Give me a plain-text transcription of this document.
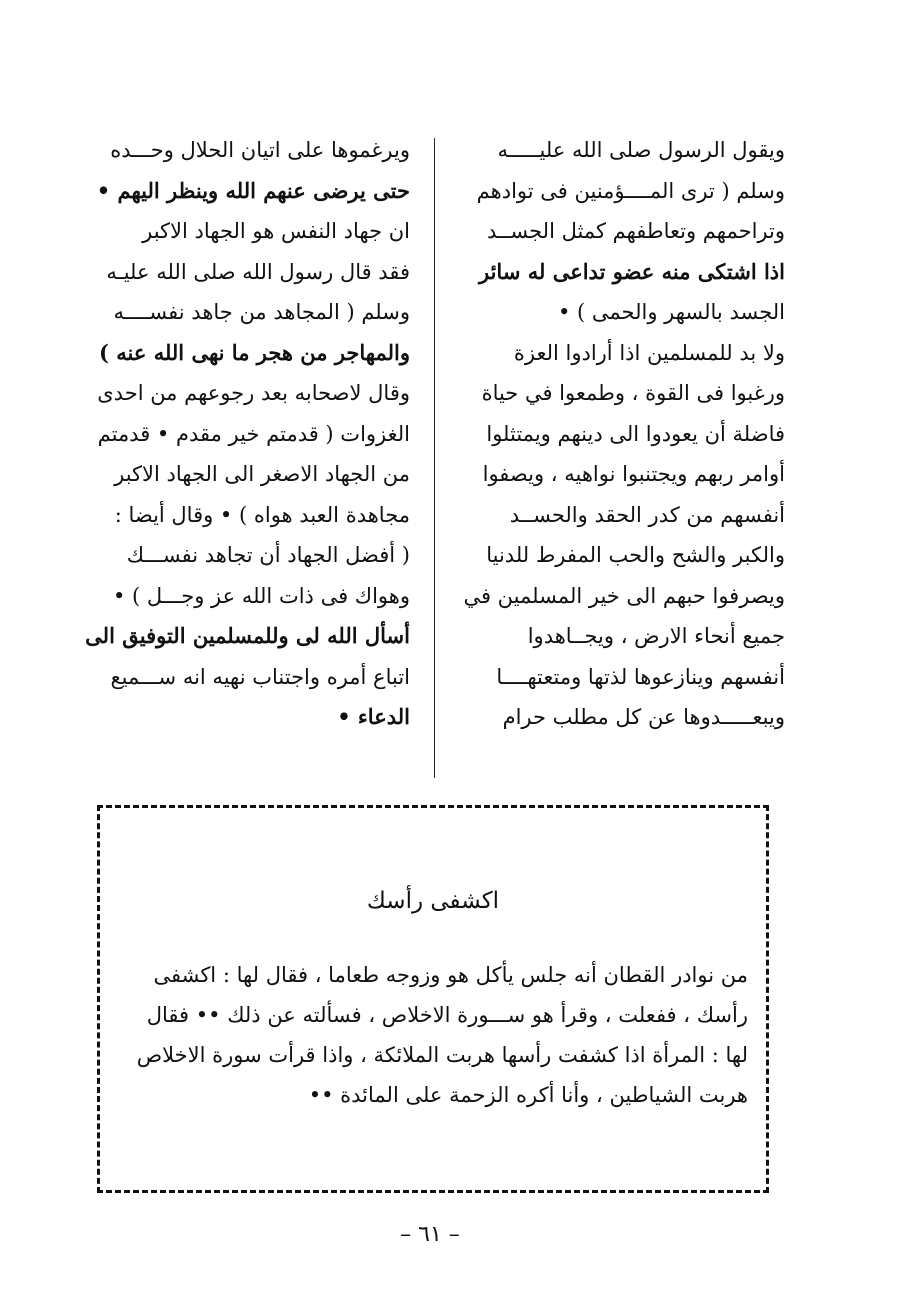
ويقول الرسول صلى الله عليـــــه
وسلم ( ترى المــــؤمنين فى توادهم
وتراحمهم وتعاطفهم كمثل الجســد
اذا اشتكى منه عضو تداعى له سائر
الجسد بالسهر والحمى ) •
ولا بد للمسلمين اذا أرادوا العزة
ورغبوا فى القوة ، وطمعوا في حياة
فاضلة أن يعودوا الى دينهم ويمتثلوا
أوامر ربهم ويجتنبوا نواهيه ، ويصفوا
أنفسهم من كدر الحقد والحســد
والكبر والشح والحب المفرط للدنيا
ويصرفوا حبهم الى خير المسلمين في
جميع أنحاء الارض ، ويجــاهدوا
أنفسهم وينازعوها لذتها ومتعتهــــا
ويبعـــــدوها عن كل مطلب حرام
ويرغموها على اتيان الحلال وحـــده
حتى يرضى عنهم الله وينظر اليهم •
ان جهاد النفس هو الجهاد الاكبر
فقد قال رسول الله صلى الله عليـه
وسلم ( المجاهد من جاهد نفســــه
والمهاجر من هجر ما نهى الله عنه )
وقال لاصحابه بعد رجوعهم من احدى
الغزوات ( قدمتم خير مقدم • قدمتم
من الجهاد الاصغر الى الجهاد الاكبر
مجاهدة العبد هواه ) • وقال أيضا :
( أفضل الجهاد أن تجاهد نفســـك
وهواك فى ذات الله عز وجـــل ) •
أسأل الله لى وللمسلمين التوفيق الى
اتباع أمره واجتناب نهيه انه ســـميع
الدعاء •
اكشفى رأسك
من نوادر القطان أنه جلس يأكل هو وزوجه طعاما ، فقال لها : اكشفى
رأسك ، ففعلت ، وقرأ هو ســـورة الاخلاص ، فسألته عن ذلك •• فقال
لها : المرأة اذا كشفت رأسها هربت الملائكة ، واذا قرأت سورة الاخلاص
هربت الشياطين ، وأنا أكره الزحمة على المائدة ••
– ٦١ –
